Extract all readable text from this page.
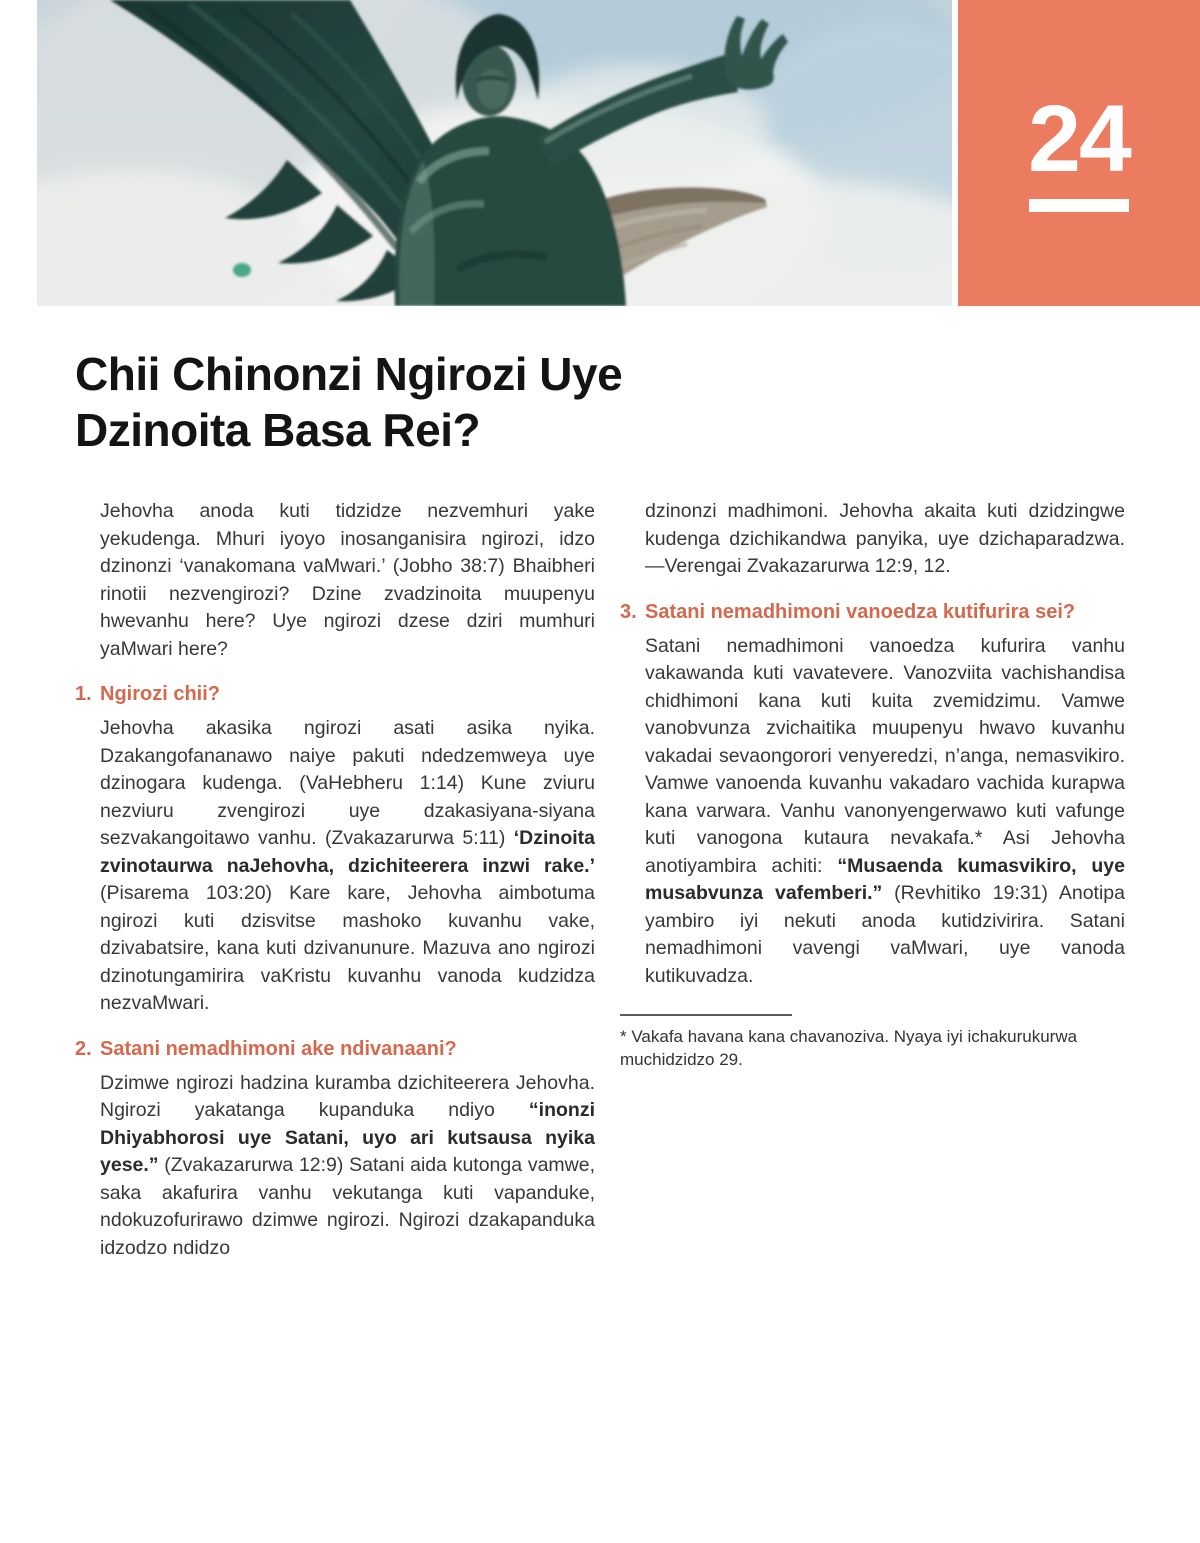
24
Chii Chinonzi Ngirozi Uye
Dzinoita Basa Rei?

Jehovha anoda kuti tidzidze nezvemhuri yake yekudenga. Mhuri iyoyo inosanganisira ngirozi, idzo dzinonzi ‘vanakomana vaMwari.’ (Jobho 38:7) Bhaibheri rinotii nezvengirozi? Dzine zvadzinoita muupenyu hwevanhu here? Uye ngirozi dzese dziri mumhuri yaMwari here?

1. Ngirozi chii?

Jehovha akasika ngirozi asati asika nyika. Dzakangofananawo naiye pakuti ndedzemweya uye dzinogara kudenga. (VaHebheru 1:14) Kune zviuru nezviuru zvengirozi uye dzakasiyana-siyana sezvakangoitawo vanhu. (Zvakazarurwa 5:11) ‘Dzinoita zvinotaurwa naJehovha, dzichiteerera inzwi rake.’ (Pisarema 103:20) Kare kare, Jehovha aimbotuma ngirozi kuti dzisvitse mashoko kuvanhu vake, dzivabatsire, kana kuti dzivanunure. Mazuva ano ngirozi dzinotungamirira vaKristu kuvanhu vanoda kudzidza nezvaMwari.

2. Satani nemadhimoni ake ndivanaani?

Dzimwe ngirozi hadzina kuramba dzichiteerera Jehovha. Ngirozi yakatanga kupanduka ndiyo “inonzi Dhiyabhorosi uye Satani, uyo ari kutsausa nyika yese.” (Zvakazarurwa 12:9) Satani aida kutonga vamwe, saka akafurira vanhu vekutanga kuti vapanduke, ndokuzofurirawo dzimwe ngirozi. Ngirozi dzakapanduka idzodzo ndidzo

dzinonzi madhimoni. Jehovha akaita kuti dzidzingwe kudenga dzichikandwa panyika, uye dzichaparadzwa.—Verengai Zvakazarurwa 12:9, 12.

3. Satani nemadhimoni vanoedza kutifurira sei?

Satani nemadhimoni vanoedza kufurira vanhu vakawanda kuti vavatevere. Vanozviita vachishandisa chidhimoni kana kuti kuita zvemidzimu. Vamwe vanobvunza zvichaitika muupenyu hwavo kuvanhu vakadai sevaongorori venyeredzi, n’anga, nemasvikiro. Vamwe vanoenda kuvanhu vakadaro vachida kurapwa kana varwara. Vanhu vanonyengerwawo kuti vafunge kuti vanogona kutaura nevakafa.* Asi Jehovha anotiyambira achiti: “Musaenda kumasvikiro, uye musabvunza vafemberi.” (Revhitiko 19:31) Anotipa yambiro iyi nekuti anoda kutidzivirira. Satani nemadhimoni vavengi vaMwari, uye vanoda kutikuvadza.

* Vakafa havana kana chavanoziva. Nyaya iyi ichakurukurwa muchidzidzo 29.
